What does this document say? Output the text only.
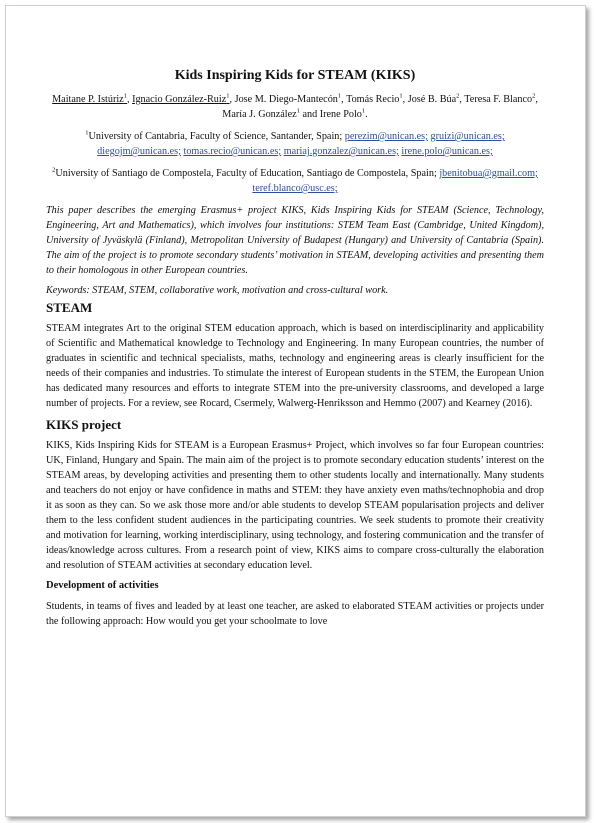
Kids Inspiring Kids for STEAM (KIKS)
Maitane P. Istúriz$^1$, Ignacio González-Ruiz$^1$, Jose M. Diego-Mantecón$^1$, Tomás Recio$^1$, José B. Búa$^2$, Teresa F. Blanco$^2$, María J. González$^1$ and Irene Polo$^1$.
$^1$University of Cantabria, Faculty of Science, Santander, Spain; perezim@unican.es; gruizi@unican.es; diegojm@unican.es; tomas.recio@unican.es; mariaj.gonzalez@unican.es; irene.polo@unican.es;
$^2$University of Santiago de Compostela, Faculty of Education, Santiago de Compostela, Spain; jbenitobua@gmail.com; teref.blanco@usc.es;
This paper describes the emerging Erasmus+ project KIKS, Kids Inspiring Kids for STEAM (Science, Technology, Engineering, Art and Mathematics), which involves four institutions: STEM Team East (Cambridge, United Kingdom), University of Jyväskylä (Finland), Metropolitan University of Budapest (Hungary) and University of Cantabria (Spain). The aim of the project is to promote secondary students’ motivation in STEAM, developing activities and presenting them to their homologous in other European countries.
Keywords: STEAM, STEM, collaborative work, motivation and cross-cultural work.
STEAM
STEAM integrates Art to the original STEM education approach, which is based on interdisciplinarity and applicability of Scientific and Mathematical knowledge to Technology and Engineering. In many European countries, the number of graduates in scientific and technical specialists, maths, technology and engineering areas is clearly insufficient for the needs of their companies and industries. To stimulate the interest of European students in the STEM, the European Union has dedicated many resources and efforts to integrate STEM into the pre-university classrooms, and developed a large number of projects. For a review, see Rocard, Csermely, Walwerg-Henriksson and Hemmo (2007) and Kearney (2016).
KIKS project
KIKS, Kids Inspiring Kids for STEAM is a European Erasmus+ Project, which involves so far four European countries: UK, Finland, Hungary and Spain. The main aim of the project is to promote secondary education students’ interest on the STEAM areas, by developing activities and presenting them to other students locally and internationally. Many students and teachers do not enjoy or have confidence in maths and STEM: they have anxiety even maths/technophobia and drop it as soon as they can. So we ask those more and/or able students to develop STEAM popularisation projects and deliver them to the less confident student audiences in the participating countries. We seek students to promote their creativity and motivation for learning, working interdisciplinary, using technology, and fostering communication and the transfer of ideas/knowledge across cultures. From a research point of view, KIKS aims to compare cross-culturally the elaboration and resolution of STEAM activities at secondary education level.
Development of activities
Students, in teams of fives and leaded by at least one teacher, are asked to elaborated STEAM activities or projects under the following approach: How would you get your schoolmate to love
